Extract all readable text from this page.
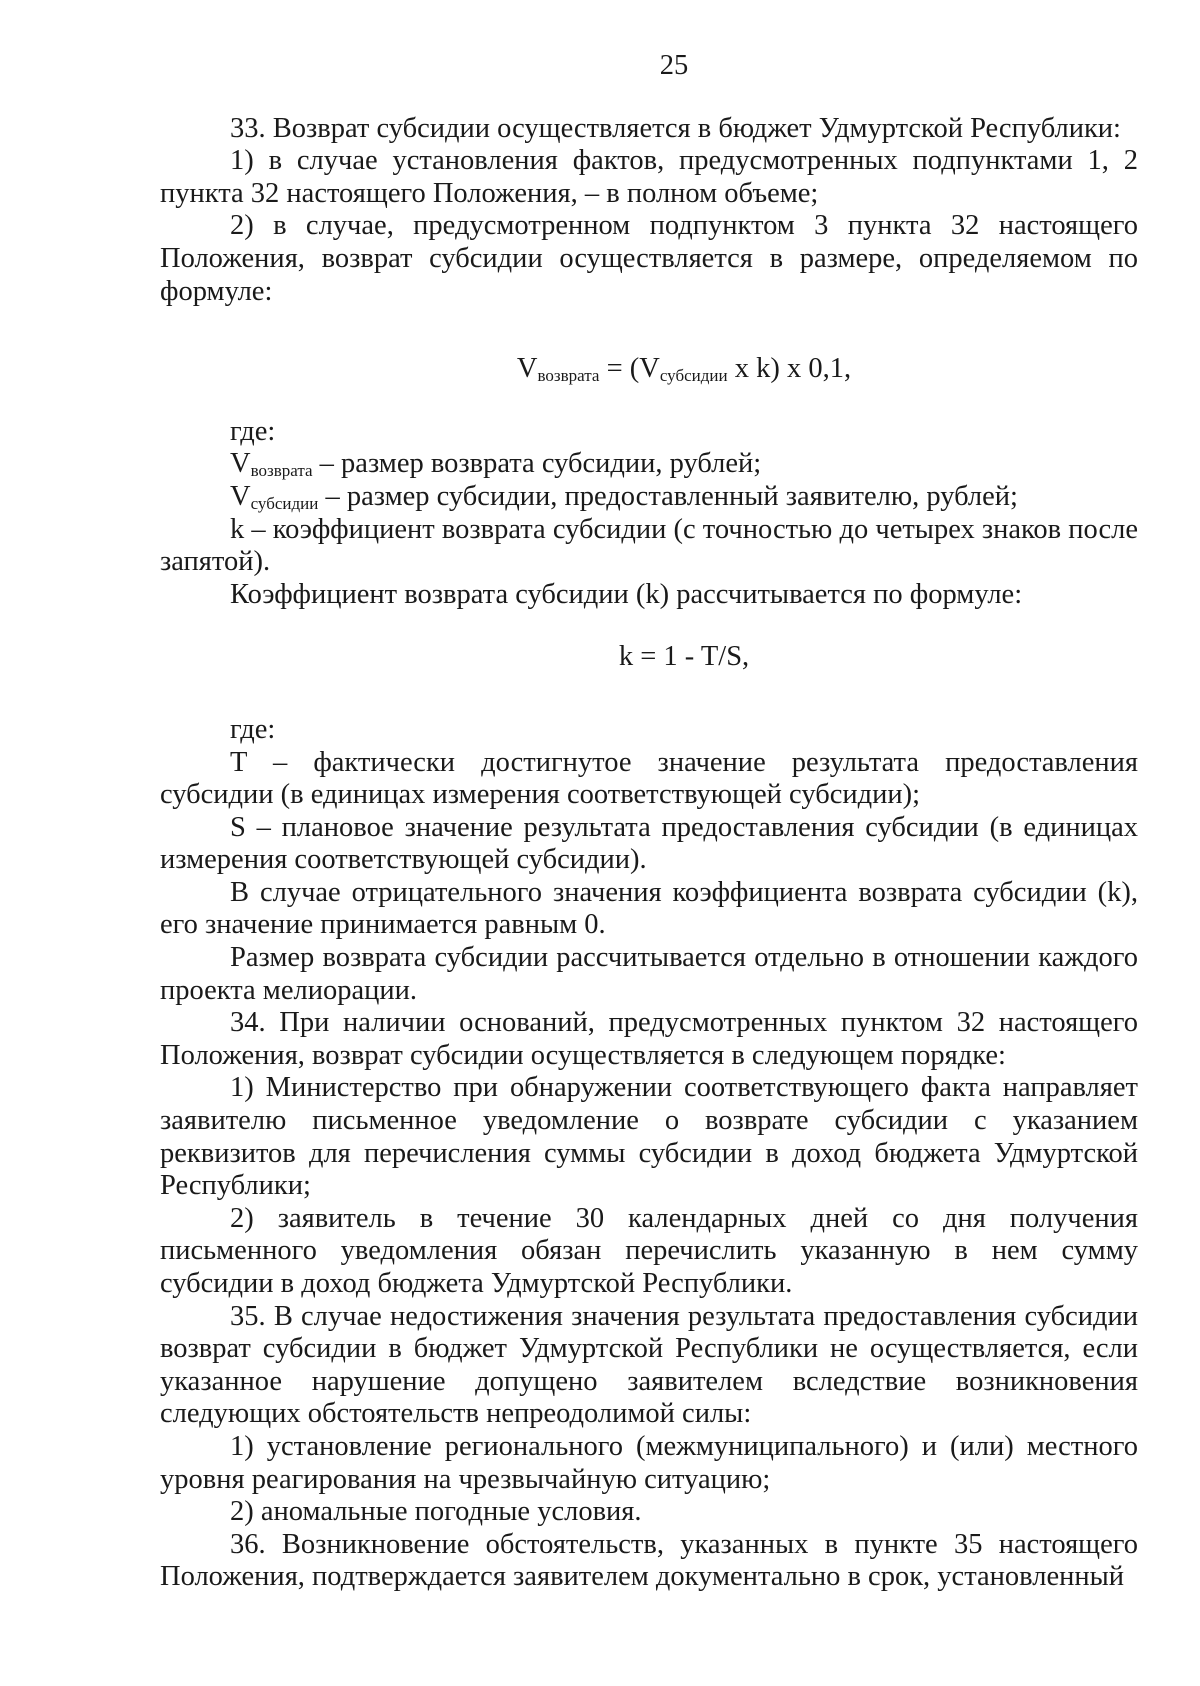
25

33. Возврат субсидии осуществляется в бюджет Удмуртской Республики:

1) в случае установления фактов, предусмотренных подпунктами 1, 2 пункта 32 настоящего Положения, – в полном объеме;

2) в случае, предусмотренном подпунктом 3 пункта 32 настоящего Положения, возврат субсидии осуществляется в размере, определяемом по формуле:

$V_{возврата} = (V_{субсидии}$ x k) x 0,1,

где:

$V_{возврата}$ – размер возврата субсидии, рублей;

$V_{субсидии}$ – размер субсидии, предоставленный заявителю, рублей;

k – коэффициент возврата субсидии (с точностью до четырех знаков после запятой).

Коэффициент возврата субсидии (k) рассчитывается по формуле:

k = 1 - T/S,

где:

T – фактически достигнутое значение результата предоставления субсидии (в единицах измерения соответствующей субсидии);

S – плановое значение результата предоставления субсидии (в единицах измерения соответствующей субсидии).

В случае отрицательного значения коэффициента возврата субсидии (k), его значение принимается равным 0.

Размер возврата субсидии рассчитывается отдельно в отношении каждого проекта мелиорации.

34. При наличии оснований, предусмотренных пунктом 32 настоящего Положения, возврат субсидии осуществляется в следующем порядке:

1) Министерство при обнаружении соответствующего факта направляет заявителю письменное уведомление о возврате субсидии с указанием реквизитов для перечисления суммы субсидии в доход бюджета Удмуртской Республики;

2) заявитель в течение 30 календарных дней со дня получения письменного уведомления обязан перечислить указанную в нем сумму субсидии в доход бюджета Удмуртской Республики.

35. В случае недостижения значения результата предоставления субсидии возврат субсидии в бюджет Удмуртской Республики не осуществляется, если указанное нарушение допущено заявителем вследствие возникновения следующих обстоятельств непреодолимой силы:

1) установление регионального (межмуниципального) и (или) местного уровня реагирования на чрезвычайную ситуацию;

2) аномальные погодные условия.

36. Возникновение обстоятельств, указанных в пункте 35 настоящего Положения, подтверждается заявителем документально в срок, установленный
